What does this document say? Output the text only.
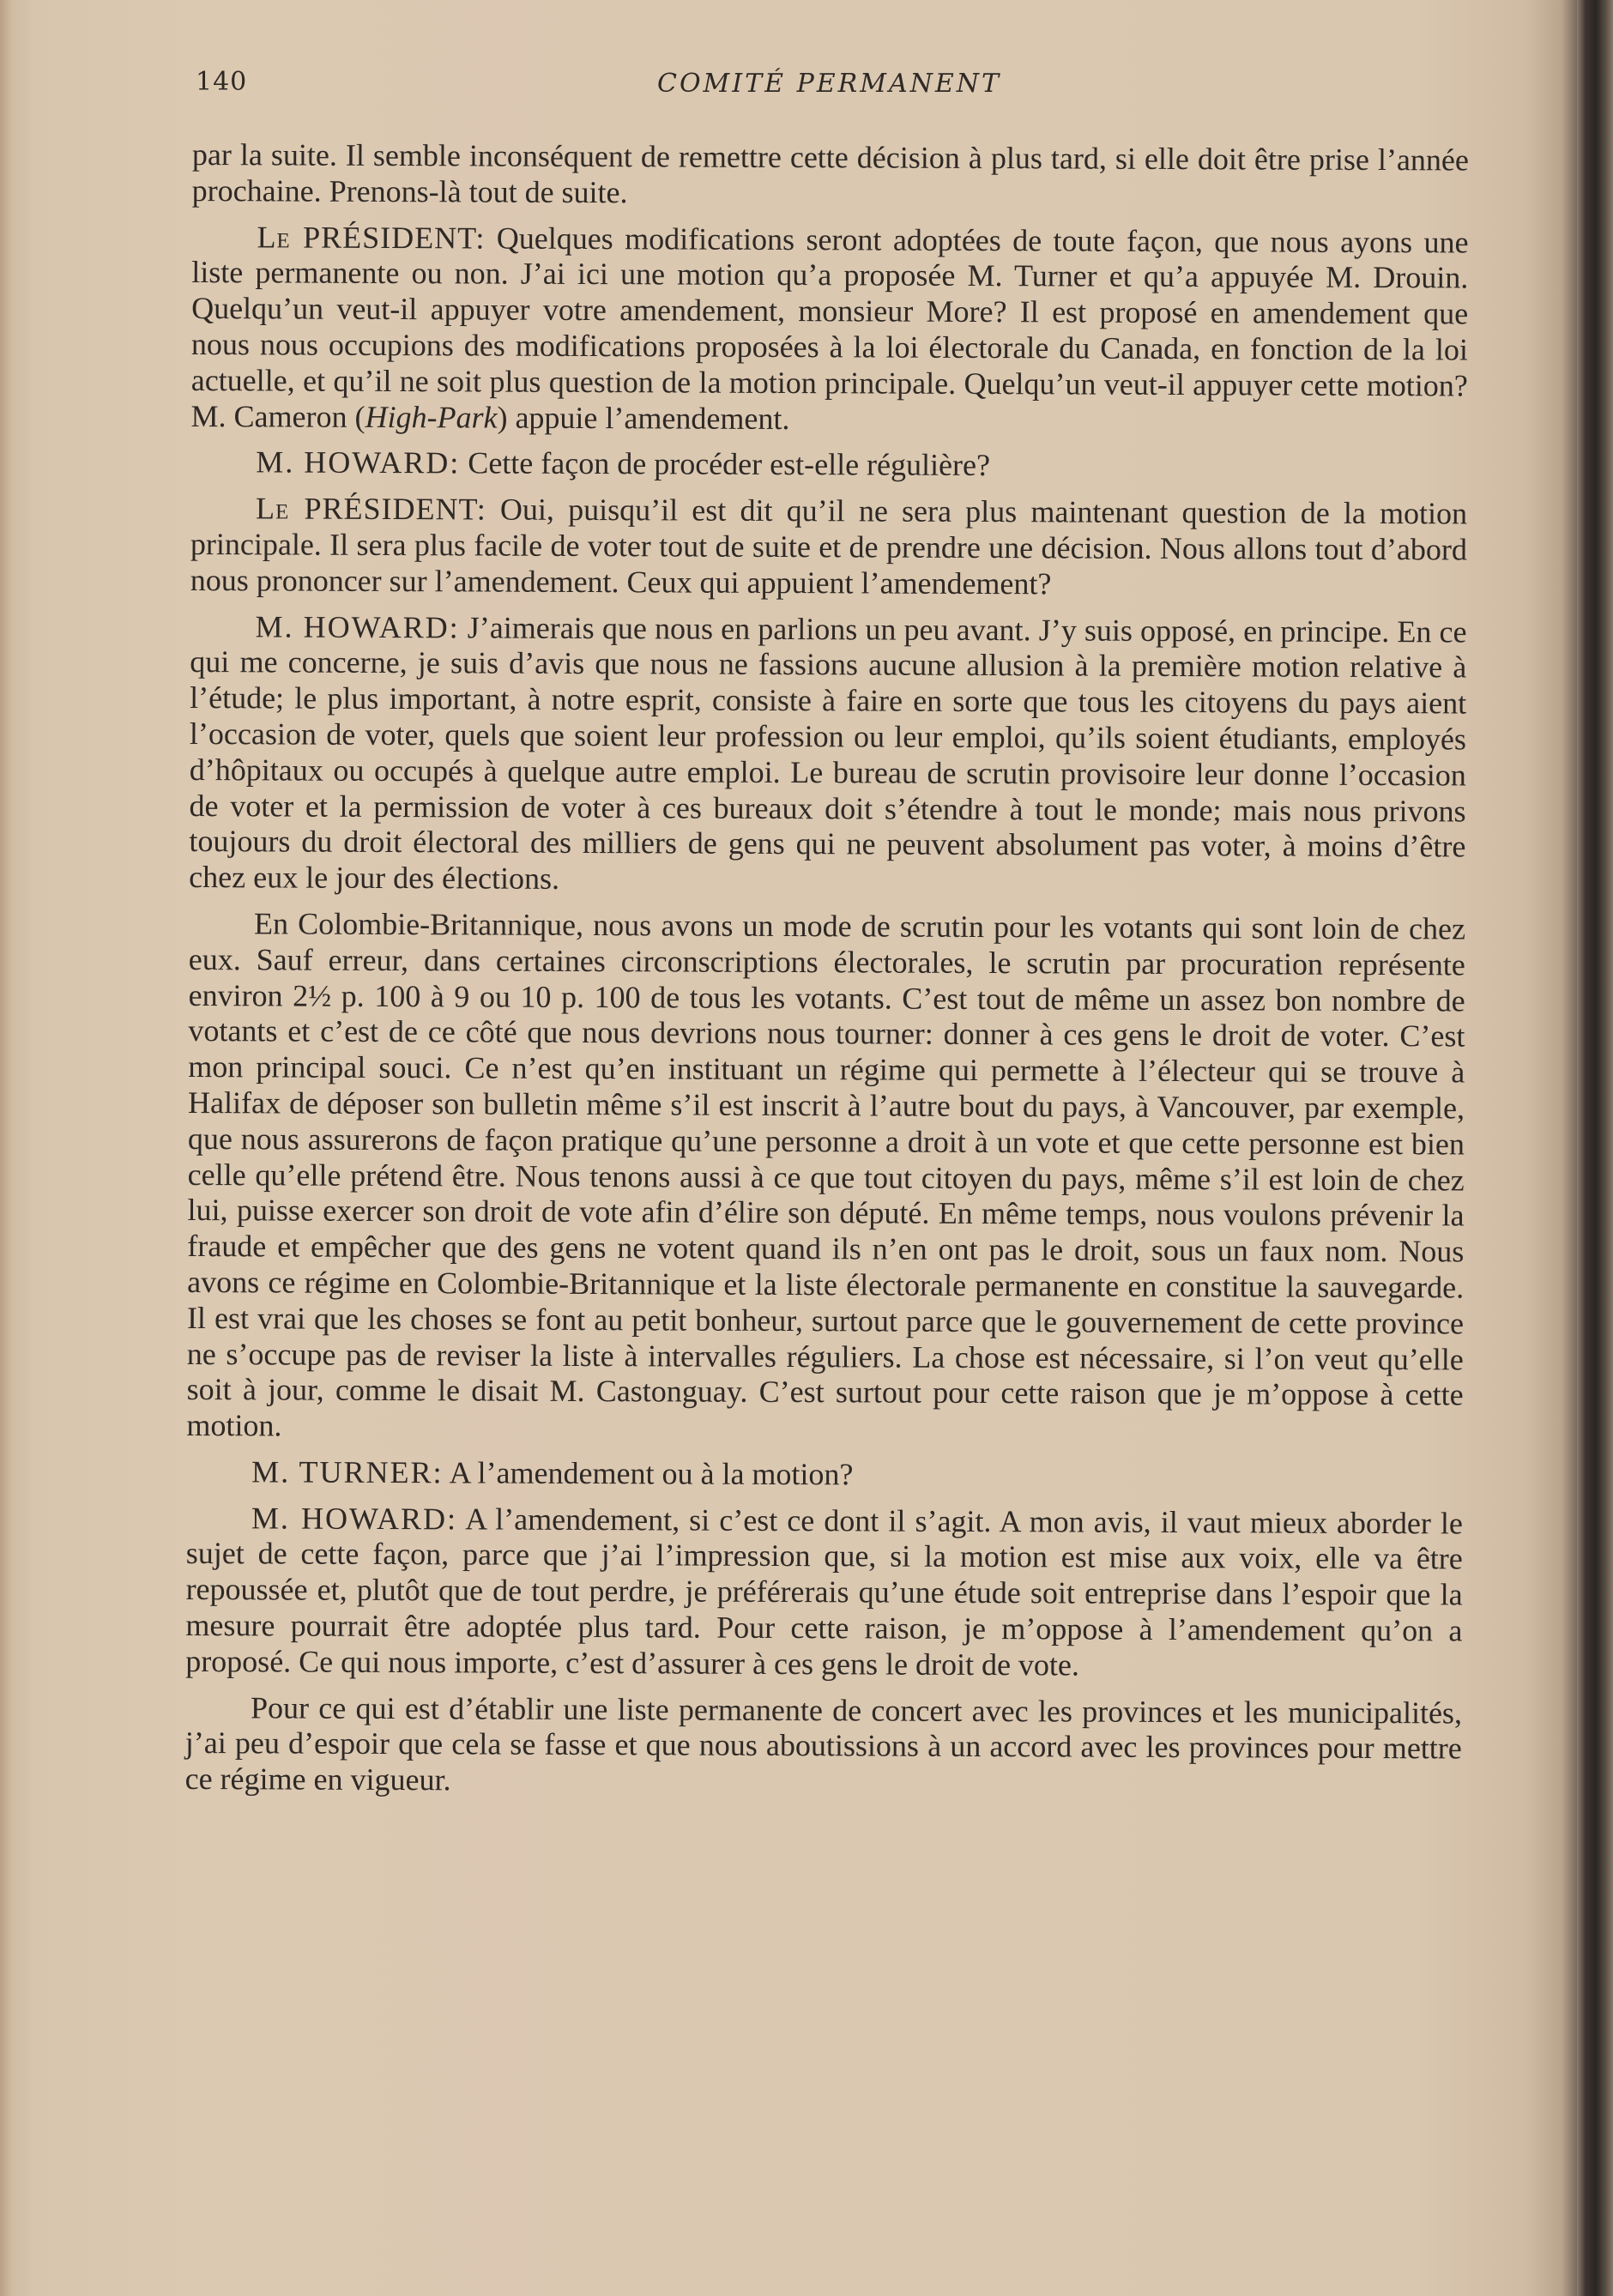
140	COMITÉ PERMANENT

par la suite. Il semble inconséquent de remettre cette décision à plus tard, si elle doit être prise l’année prochaine. Prenons-là tout de suite.

Le PRÉSIDENT: Quelques modifications seront adoptées de toute façon, que nous ayons une liste permanente ou non. J’ai ici une motion qu’a proposée M. Turner et qu’a appuyée M. Drouin. Quelqu’un veut-il appuyer votre amendement, monsieur More? Il est proposé en amendement que nous nous occupions des modifications proposées à la loi électorale du Canada, en fonction de la loi actuelle, et qu’il ne soit plus question de la motion principale. Quelqu’un veut-il appuyer cette motion? M. Cameron (High-Park) appuie l’amendement.

M. HOWARD: Cette façon de procéder est-elle régulière?

Le PRÉSIDENT: Oui, puisqu’il est dit qu’il ne sera plus maintenant question de la motion principale. Il sera plus facile de voter tout de suite et de prendre une décision. Nous allons tout d’abord nous prononcer sur l’amendement. Ceux qui appuient l’amendement?

M. HOWARD: J’aimerais que nous en parlions un peu avant. J’y suis opposé, en principe. En ce qui me concerne, je suis d’avis que nous ne fassions aucune allusion à la première motion relative à l’étude; le plus important, à notre esprit, consiste à faire en sorte que tous les citoyens du pays aient l’occasion de voter, quels que soient leur profession ou leur emploi, qu’ils soient étudiants, employés d’hôpitaux ou occupés à quelque autre emploi. Le bureau de scrutin provisoire leur donne l’occasion de voter et la permission de voter à ces bureaux doit s’étendre à tout le monde; mais nous privons toujours du droit électoral des milliers de gens qui ne peuvent absolument pas voter, à moins d’être chez eux le jour des élections.

En Colombie-Britannique, nous avons un mode de scrutin pour les votants qui sont loin de chez eux. Sauf erreur, dans certaines circonscriptions électorales, le scrutin par procuration représente environ 2½ p. 100 à 9 ou 10 p. 100 de tous les votants. C’est tout de même un assez bon nombre de votants et c’est de ce côté que nous devrions nous tourner: donner à ces gens le droit de voter. C’est mon principal souci. Ce n’est qu’en instituant un régime qui permette à l’électeur qui se trouve à Halifax de déposer son bulletin même s’il est inscrit à l’autre bout du pays, à Vancouver, par exemple, que nous assurerons de façon pratique qu’une personne a droit à un vote et que cette personne est bien celle qu’elle prétend être. Nous tenons aussi à ce que tout citoyen du pays, même s’il est loin de chez lui, puisse exercer son droit de vote afin d’élire son député. En même temps, nous voulons prévenir la fraude et empêcher que des gens ne votent quand ils n’en ont pas le droit, sous un faux nom. Nous avons ce régime en Colombie-Britannique et la liste électorale permanente en constitue la sauvegarde. Il est vrai que les choses se font au petit bonheur, surtout parce que le gouvernement de cette province ne s’occupe pas de reviser la liste à intervalles réguliers. La chose est nécessaire, si l’on veut qu’elle soit à jour, comme le disait M. Castonguay. C’est surtout pour cette raison que je m’oppose à cette motion.

M. TURNER: A l’amendement ou à la motion?

M. HOWARD: A l’amendement, si c’est ce dont il s’agit. A mon avis, il vaut mieux aborder le sujet de cette façon, parce que j’ai l’impression que, si la motion est mise aux voix, elle va être repoussée et, plutôt que de tout perdre, je préférerais qu’une étude soit entreprise dans l’espoir que la mesure pourrait être adoptée plus tard. Pour cette raison, je m’oppose à l’amendement qu’on a proposé. Ce qui nous importe, c’est d’assurer à ces gens le droit de vote.

Pour ce qui est d’établir une liste permanente de concert avec les provinces et les municipalités, j’ai peu d’espoir que cela se fasse et que nous aboutissions à un accord avec les provinces pour mettre ce régime en vigueur.
